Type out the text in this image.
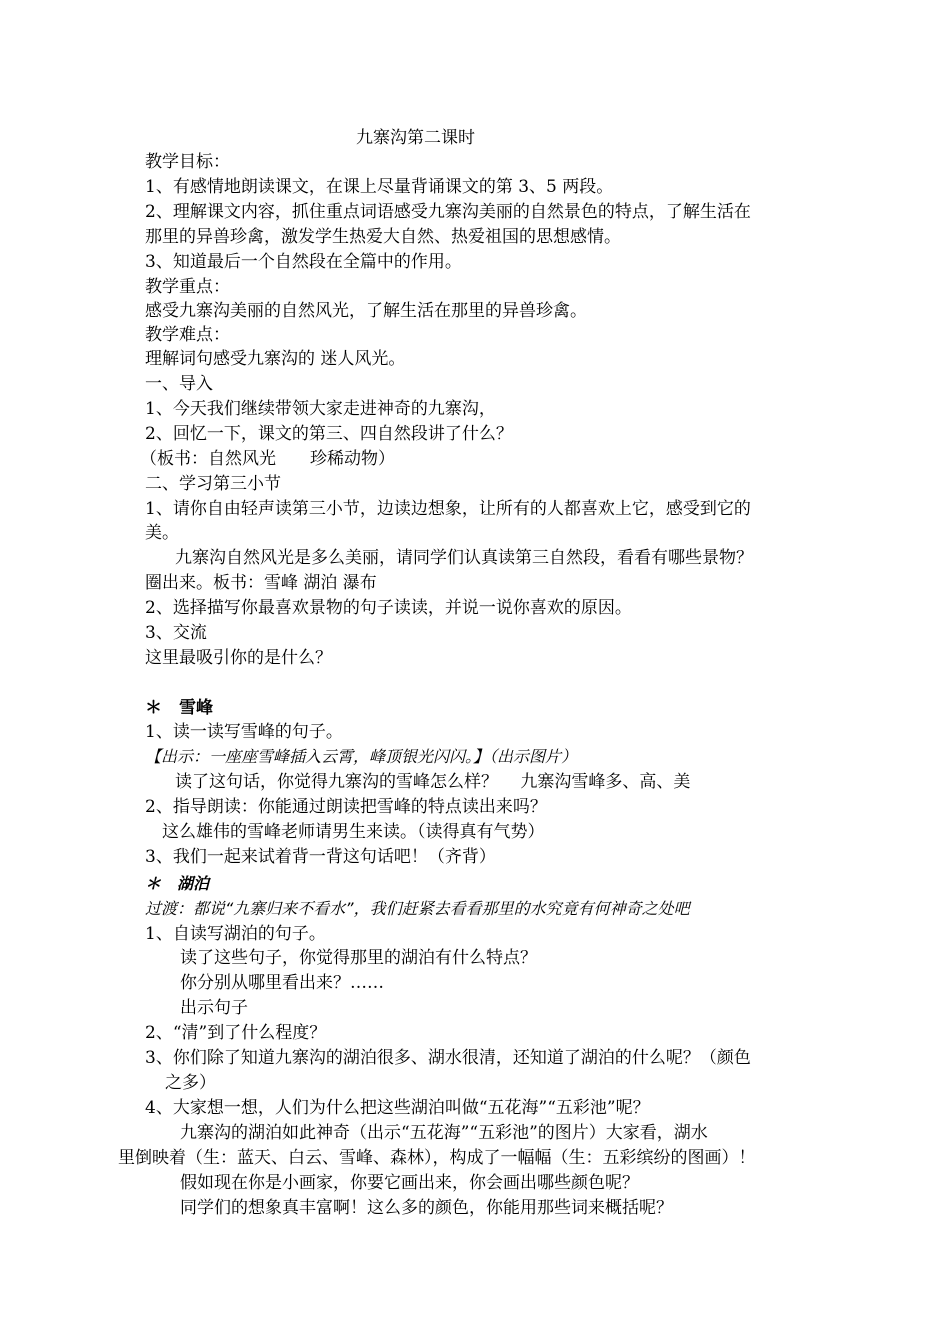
九寨沟第二课时
教学目标：
1、有感情地朗读课文，在课上尽量背诵课文的第 3、5 两段。
2、理解课文内容，抓住重点词语感受九寨沟美丽的自然景色的特点，了解生活在
那里的异兽珍禽，激发学生热爱大自然、热爱祖国的思想感情。
3、知道最后一个自然段在全篇中的作用。
教学重点：
感受九寨沟美丽的自然风光，了解生活在那里的异兽珍禽。
教学难点：
理解词句感受九寨沟的 迷人风光。
一、导入
1、今天我们继续带领大家走进神奇的九寨沟，
2、回忆一下，课文的第三、四自然段讲了什么？
（板书：自然风光　　珍稀动物）
二、学习第三小节
1、请你自由轻声读第三小节，边读边想象，让所有的人都喜欢上它，感受到它的
美。
九寨沟自然风光是多么美丽，请同学们认真读第三自然段，看看有哪些景物？
圈出来。板书：雪峰 湖泊 瀑布
2、选择描写你最喜欢景物的句子读读，并说一说你喜欢的原因。
3、交流
这里最吸引你的是什么？
＊　雪峰
1、读一读写雪峰的句子。
【出示：一座座雪峰插入云霄，峰顶银光闪闪。】（出示图片）
读了这句话，你觉得九寨沟的雪峰怎么样？　 九寨沟雪峰多、高、美
2、指导朗读：你能通过朗读把雪峰的特点读出来吗？
这么雄伟的雪峰老师请男生来读。（读得真有气势）
3、我们一起来试着背一背这句话吧！（齐背）
＊　湖泊
过渡：都说“九寨归来不看水”，我们赶紧去看看那里的水究竟有何神奇之处吧
1、自读写湖泊的句子。
读了这些句子，你觉得那里的湖泊有什么特点？
你分别从哪里看出来？……
出示句子
2、“清”到了什么程度？
3、你们除了知道九寨沟的湖泊很多、湖水很清，还知道了湖泊的什么呢？（颜色
之多）
4、大家想一想，人们为什么把这些湖泊叫做“五花海”“五彩池”呢？
九寨沟的湖泊如此神奇（出示“五花海”“五彩池”的图片）大家看，湖水
里倒映着（生：蓝天、白云、雪峰、森林），构成了一幅幅（生：五彩缤纷的图画）！
假如现在你是小画家，你要它画出来，你会画出哪些颜色呢？
同学们的想象真丰富啊！这么多的颜色，你能用那些词来概括呢？
